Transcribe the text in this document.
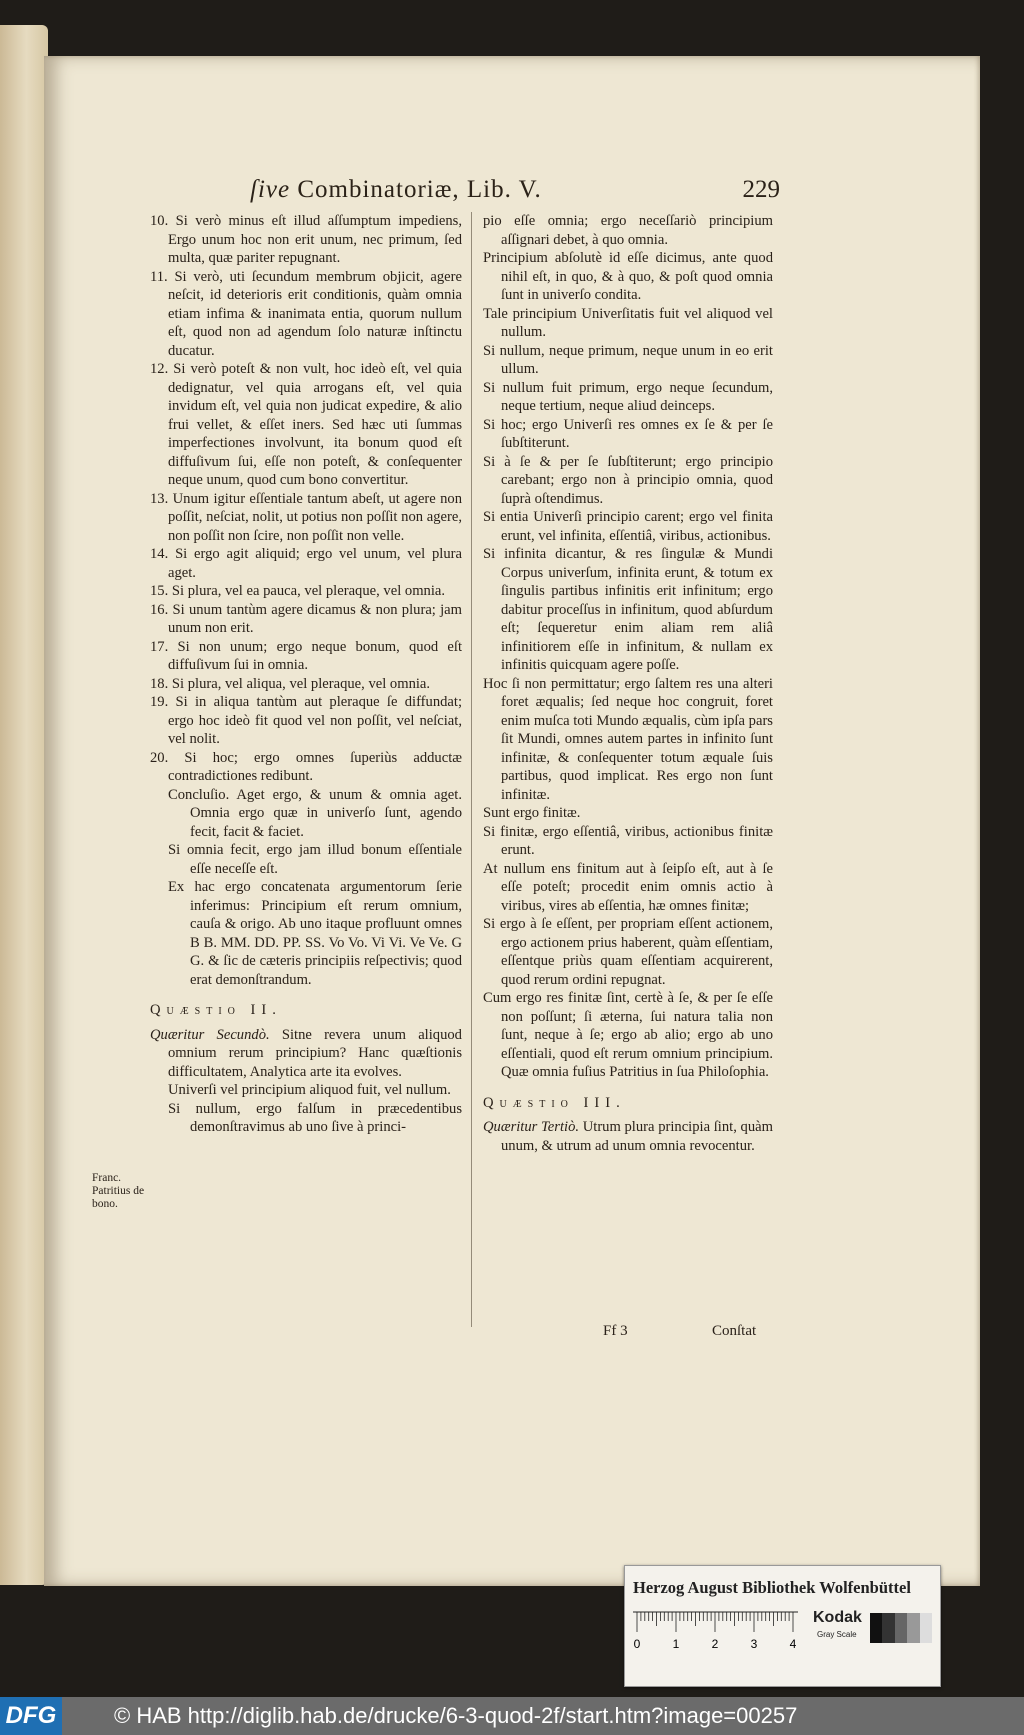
ſive Combinatoriæ, Lib. V.	229

10. Si verò minus eſt illud aſſumptum impediens, Ergo unum hoc non erit unum, nec primum, ſed multa, quæ pariter repugnant.

11. Si verò, uti ſecundum membrum objicit, agere neſcit, id deterioris erit conditionis, quàm omnia etiam infima & inanimata entia, quorum nullum eſt, quod non ad agendum ſolo naturæ inſtinctu ducatur.

12. Si verò poteſt & non vult, hoc ideò eſt, vel quia dedignatur, vel quia arrogans eſt, vel quia invidum eſt, vel quia non judicat expedire, & alio frui vellet, & eſſet iners. Sed hæc uti ſummas imperfectiones involvunt, ita bonum quod eſt diffuſivum ſui, eſſe non poteſt, & conſequenter neque unum, quod cum bono convertitur.

13. Unum igitur eſſentiale tantum abeſt, ut agere non poſſit, neſciat, nolit, ut potius non poſſit non agere, non poſſit non ſcire, non poſſit non velle.

14. Si ergo agit aliquid; ergo vel unum, vel plura aget.

15. Si plura, vel ea pauca, vel pleraque, vel omnia.

16. Si unum tantùm agere dicamus & non plura; jam unum non erit.

17. Si non unum; ergo neque bonum, quod eſt diffuſivum ſui in omnia.

18. Si plura, vel aliqua, vel pleraque, vel omnia.

19. Si in aliqua tantùm aut pleraque ſe diffundat; ergo hoc ideò fit quod vel non poſſit, vel neſciat, vel nolit.

20. Si hoc; ergo omnes ſuperiùs adductæ contradictiones redibunt.

Concluſio. Aget ergo, & unum & omnia aget. Omnia ergo quæ in univerſo ſunt, agendo fecit, facit & faciet.

Si omnia fecit, ergo jam illud bonum eſſentiale eſſe neceſſe eſt.

Ex hac ergo concatenata argumentorum ſerie inferimus: Principium eſt rerum omnium, cauſa & origo. Ab uno itaque profluunt omnes B B. MM. DD. PP. SS. Vo Vo. Vi Vi. Ve Ve. G G. & ſic de cæteris principiis reſpectivis; quod erat demonſtrandum.

Quæstio II.

Quæritur Secundò. Sitne revera unum aliquod omnium rerum principium? Hanc quæſtionis difficultatem, Analytica arte ita evolves.

Univerſi vel principium aliquod fuit, vel nullum.

Si nullum, ergo falſum in præcedentibus demonſtravimus ab uno ſive à princi-

Franc. Patritius de bono.

pio eſſe omnia; ergo neceſſariò principium aſſignari debet, à quo omnia.

Principium abſolutè id eſſe dicimus, ante quod nihil eſt, in quo, & à quo, & poſt quod omnia ſunt in univerſo condita.

Tale principium Univerſitatis fuit vel aliquod vel nullum.

Si nullum, neque primum, neque unum in eo erit ullum.

Si nullum fuit primum, ergo neque ſecundum, neque tertium, neque aliud deinceps.

Si hoc; ergo Univerſi res omnes ex ſe & per ſe ſubſtiterunt.

Si à ſe & per ſe ſubſtiterunt; ergo principio carebant; ergo non à principio omnia, quod ſuprà oſtendimus.

Si entia Univerſi principio carent; ergo vel finita erunt, vel infinita, eſſentiâ, viribus, actionibus.

Si infinita dicantur, & res ſingulæ & Mundi Corpus univerſum, infinita erunt, & totum ex ſingulis partibus infinitis erit infinitum; ergo dabitur proceſſus in infinitum, quod abſurdum eſt; ſequeretur enim aliam rem aliâ infinitiorem eſſe in infinitum, & nullam ex infinitis quicquam agere poſſe.

Hoc ſi non permittatur; ergo ſaltem res una alteri foret æqualis; ſed neque hoc congruit, foret enim muſca toti Mundo æqualis, cùm ipſa pars ſit Mundi, omnes autem partes in infinito ſunt infinitæ, & conſequenter totum æquale ſuis partibus, quod implicat. Res ergo non ſunt infinitæ.

Sunt ergo finitæ.

Si finitæ, ergo eſſentiâ, viribus, actionibus finitæ erunt.

At nullum ens finitum aut à ſeipſo eſt, aut à ſe eſſe poteſt; procedit enim omnis actio à viribus, vires ab eſſentia, hæ omnes finitæ;

Si ergo à ſe eſſent, per propriam eſſent actionem, ergo actionem prius haberent, quàm eſſentiam, eſſentque priùs quam eſſentiam acquirerent, quod rerum ordini repugnat.

Cum ergo res finitæ ſint, certè à ſe, & per ſe eſſe non poſſunt; ſi æterna, ſui natura talia non ſunt, neque à ſe; ergo ab alio; ergo ab uno eſſentiali, quod eſt rerum omnium principium. Quæ omnia fuſius Patritius in ſua Philoſophia.

Quæstio III.

Quæritur Tertiò. Utrum plura principia ſint, quàm unum, & utrum ad unum omnia revocentur.

Ff 3	Conſtat
Herzog August Bibliothek Wolfenbüttel
0	1	2	3	4
Kodak
Gray Scale
DFG	© HAB http://diglib.hab.de/drucke/6-3-quod-2f/start.htm?image=00257
